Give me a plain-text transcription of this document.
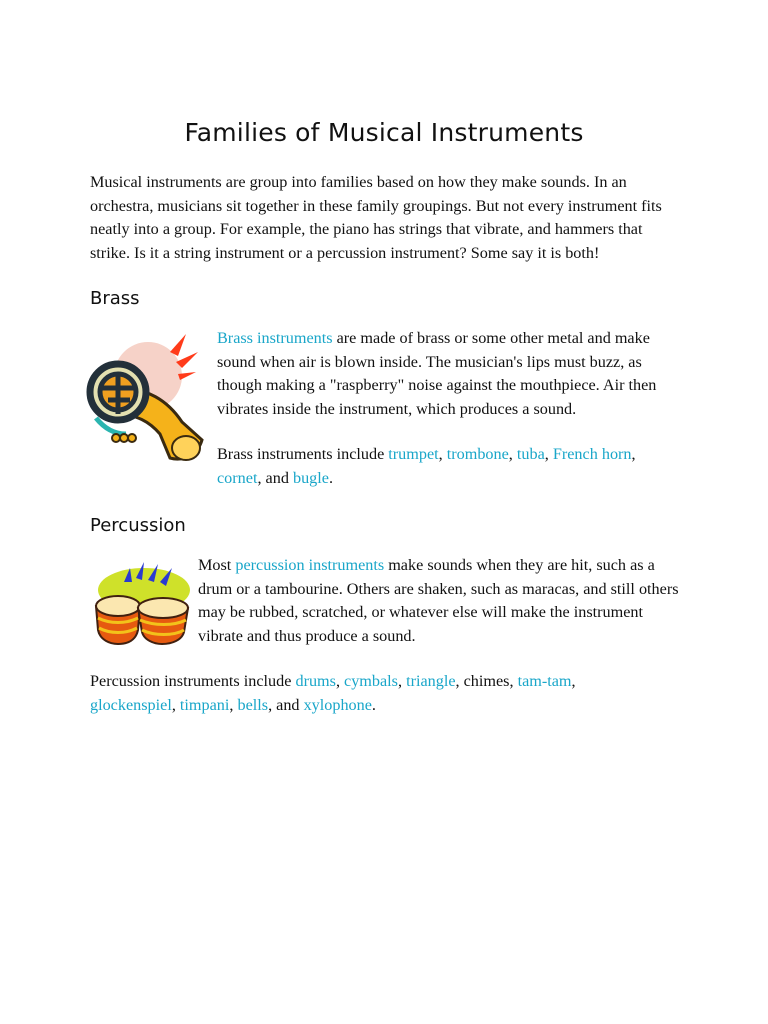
Families of Musical Instruments

Musical instruments are group into families based on how they make sounds. In an orchestra, musicians sit together in these family groupings. But not every instrument fits neatly into a group. For example, the piano has strings that vibrate, and hammers that strike. Is it a string instrument or a percussion instrument? Some say it is both!

Brass

Brass instruments are made of brass or some other metal and make sound when air is blown inside. The musician's lips must buzz, as though making a "raspberry" noise against the mouthpiece. Air then vibrates inside the instrument, which produces a sound.

Brass instruments include trumpet, trombone, tuba, French horn, cornet, and bugle.

Percussion

Most percussion instruments make sounds when they are hit, such as a drum or a tambourine. Others are shaken, such as maracas, and still others may be rubbed, scratched, or whatever else will make the instrument vibrate and thus produce a sound.

Percussion instruments include drums, cymbals, triangle, chimes, tam-tam, glockenspiel, timpani, bells, and xylophone.
